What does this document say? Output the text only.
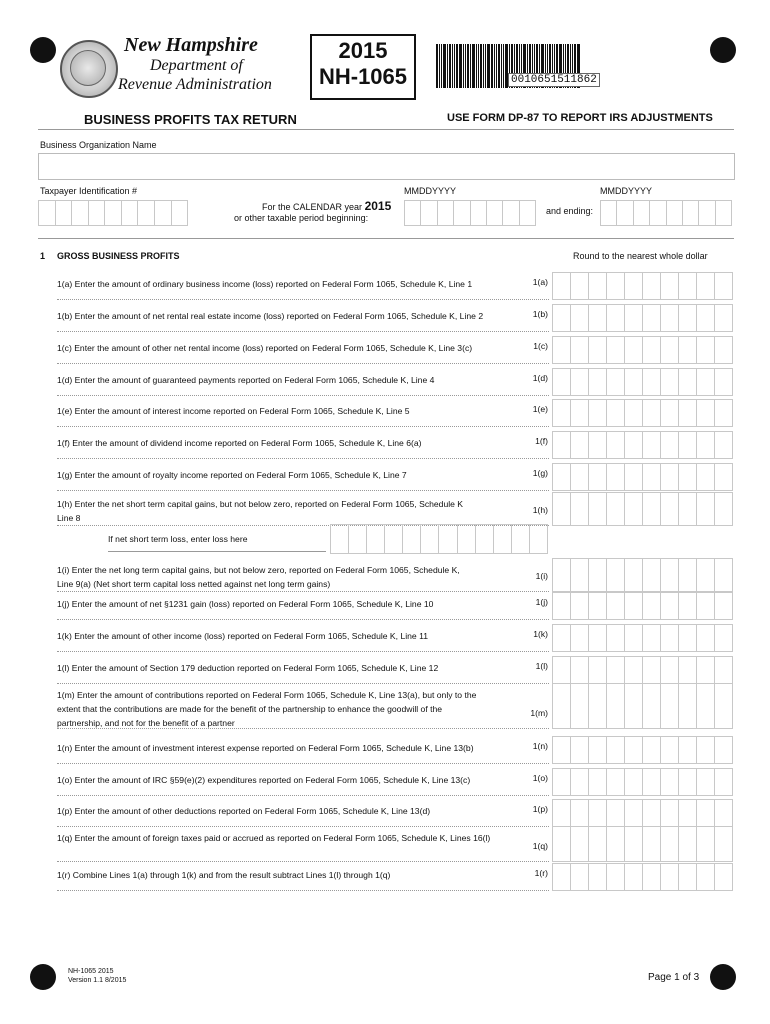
New Hampshire
Department of
Revenue Administration
2015
NH-1065	0010651511862
BUSINESS PROFITS TAX RETURN	USE FORM DP-87 TO REPORT IRS ADJUSTMENTS
Business Organization Name
Taxpayer Identification #
For the CALENDAR year 2015
or other taxable period beginning:
MMDDYYYY	MMDDYYYY
and ending:
1 GROSS BUSINESS PROFITS	Round to the nearest whole dollar
1(a) Enter the amount of ordinary business income (loss) reported on Federal Form 1065, Schedule K, Line 1	1(a)
1(b) Enter the amount of net rental real estate income (loss) reported on Federal Form 1065, Schedule K, Line 2	1(b)
1(c) Enter the amount of other net rental income (loss) reported on Federal Form 1065, Schedule K, Line 3(c)	1(c)
1(d) Enter the amount of guaranteed payments reported on Federal Form 1065, Schedule K, Line 4	1(d)
1(e) Enter the amount of interest income reported on Federal Form 1065, Schedule K, Line 5	1(e)
1(f) Enter the amount of dividend income reported on Federal Form 1065, Schedule K, Line 6(a)	1(f)
1(g) Enter the amount of royalty income reported on Federal Form 1065, Schedule K, Line 7	1(g)
1(h) Enter the net short term capital gains, but not below zero, reported on Federal Form 1065, Schedule K
Line 8
1(h)
1(i) Enter the net long term capital gains, but not below zero, reported on Federal Form 1065, Schedule K,
Line 9(a) (Net short term capital loss netted against net long term gains)
1(i)
1(j) Enter the amount of net §1231 gain (loss) reported on Federal Form 1065, Schedule K, Line 10	1(j)
1(k) Enter the amount of other income (loss) reported on Federal Form 1065, Schedule K, Line 11	1(k)
1(l) Enter the amount of Section 179 deduction reported on Federal Form 1065, Schedule K, Line 12	1(l)
1(m) Enter the amount of contributions reported on Federal Form 1065, Schedule K, Line 13(a), but only to the
extent that the contributions are made for the benefit of the partnership to enhance the goodwill of the
partnership, and not for the benefit of a partner
1(m)
1(n) Enter the amount of investment interest expense reported on Federal Form 1065, Schedule K, Line 13(b)	1(n)
1(o) Enter the amount of IRC §59(e)(2) expenditures reported on Federal Form 1065, Schedule K, Line 13(c)	1(o)
1(p) Enter the amount of other deductions reported on Federal Form 1065, Schedule K, Line 13(d)	1(p)
1(q) Enter the amount of foreign taxes paid or accrued as reported on Federal Form 1065, Schedule K, Lines 16(l)
1(q)
1(r) Combine Lines 1(a) through 1(k) and from the result subtract Lines 1(l) through 1(q)	1(r)
If net short term loss, enter loss here
NH-1065 2015
Version 1.1 8/2015	Page 1 of 3
